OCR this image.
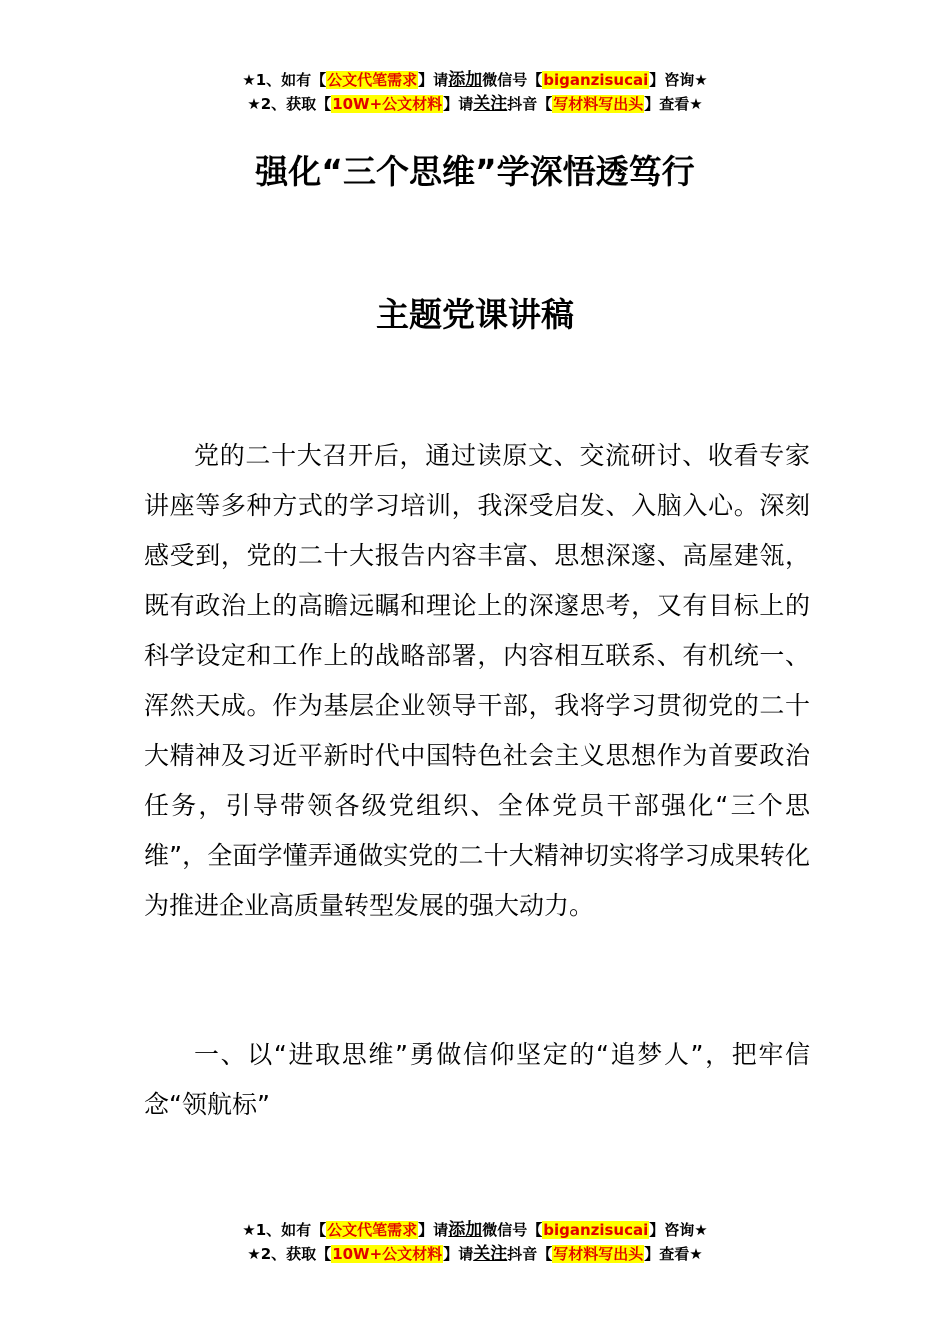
★1、如有【公文代笔需求】请添加微信号【biganzisucai】咨询★
★2、获取【10W+公文材料】请关注抖音【写材料写出头】查看★
强化“三个思维”学深悟透笃行
主题党课讲稿
党的二十大召开后，通过读原文、交流研讨、收看专家讲座等多种方式的学习培训，我深受启发、入脑入心。深刻感受到，党的二十大报告内容丰富、思想深邃、高屋建瓴，既有政治上的高瞻远瞩和理论上的深邃思考，又有目标上的科学设定和工作上的战略部署，内容相互联系、有机统一、浑然天成。作为基层企业领导干部，我将学习贯彻党的二十大精神及习近平新时代中国特色社会主义思想作为首要政治任务，引导带领各级党组织、全体党员干部强化“三个思维”，全面学懂弄通做实党的二十大精神切实将学习成果转化为推进企业高质量转型发展的强大动力。
一、以“进取思维”勇做信仰坚定的“追梦人”，把牢信念“领航标”
★1、如有【公文代笔需求】请添加微信号【biganzisucai】咨询★
★2、获取【10W+公文材料】请关注抖音【写材料写出头】查看★
